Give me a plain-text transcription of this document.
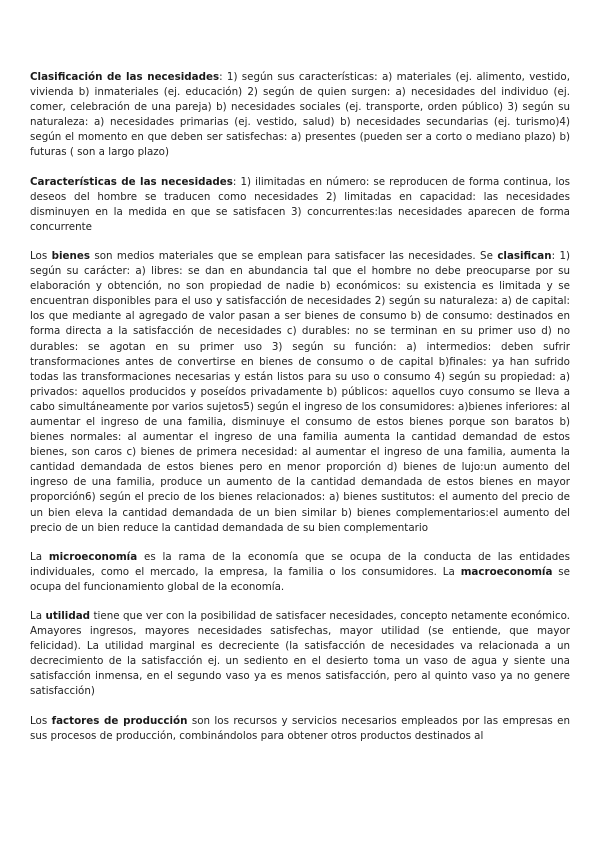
Clasificación de las necesidades: 1) según sus características: a) materiales (ej. alimento, vestido, vivienda b) inmateriales (ej. educación) 2) según de quien surgen: a) necesidades del individuo (ej. comer, celebración de una pareja) b) necesidades sociales (ej. transporte, orden público) 3) según su naturaleza: a) necesidades primarias (ej. vestido, salud) b) necesidades secundarias (ej. turismo)4) según el momento en que deben ser satisfechas: a) presentes (pueden ser a corto o mediano plazo) b) futuras ( son a largo plazo)

Características de las necesidades: 1) ilimitadas en número: se reproducen de forma continua, los deseos del hombre se traducen como necesidades 2) limitadas en capacidad: las necesidades disminuyen en la medida en que se satisfacen 3) concurrentes:las necesidades aparecen de forma concurrente

Los bienes son medios materiales que se emplean para satisfacer las necesidades. Se clasifican: 1) según su carácter: a) libres: se dan en abundancia tal que el hombre no debe preocuparse por su elaboración y obtención, no son propiedad de nadie b) económicos: su existencia es limitada y se encuentran disponibles para el uso y satisfacción de necesidades 2) según su naturaleza: a) de capital: los que mediante al agregado de valor pasan a ser bienes de consumo b) de consumo: destinados en forma directa a la satisfacción de necesidades c) durables: no se terminan en su primer uso d) no durables: se agotan en su primer uso 3) según su función: a) intermedios: deben sufrir transformaciones antes de convertirse en bienes de consumo o de capital b)finales: ya han sufrido todas las transformaciones necesarias y están listos para su uso o consumo 4) según su propiedad: a) privados: aquellos producidos y poseídos privadamente b) públicos: aquellos cuyo consumo se lleva a cabo simultáneamente por varios sujetos5) según el ingreso de los consumidores: a)bienes inferiores: al aumentar el ingreso de una familia, disminuye el consumo de estos bienes porque son baratos b) bienes normales: al aumentar el ingreso de una familia aumenta la cantidad demandad de estos bienes, son caros c) bienes de primera necesidad: al aumentar el ingreso de una familia, aumenta la cantidad demandada de estos bienes pero en menor proporción d) bienes de lujo:un aumento del ingreso de una familia, produce un aumento de la cantidad demandada de estos bienes en mayor proporción6) según el precio de los bienes relacionados: a) bienes sustitutos: el aumento del precio de un bien eleva la cantidad demandada de un bien similar b) bienes complementarios:el aumento del precio de un bien reduce la cantidad demandada de su bien complementario

La microeconomía es la rama de la economía que se ocupa de la conducta de las entidades individuales, como el mercado, la empresa, la familia o los consumidores. La macroeconomía se ocupa del funcionamiento global de la economía.

La utilidad tiene que ver con la posibilidad de satisfacer necesidades, concepto netamente económico. Amayores ingresos, mayores necesidades satisfechas, mayor utilidad (se entiende, que mayor felicidad). La utilidad marginal es decreciente (la satisfacción de necesidades va relacionada a un decrecimiento de la satisfacción ej. un sediento en el desierto toma un vaso de agua y siente una satisfacción inmensa, en el segundo vaso ya es menos satisfacción, pero al quinto vaso ya no genere satisfacción)

Los factores de producción son los recursos y servicios necesarios empleados por las empresas en sus procesos de producción, combinándolos para obtener otros productos destinados al
